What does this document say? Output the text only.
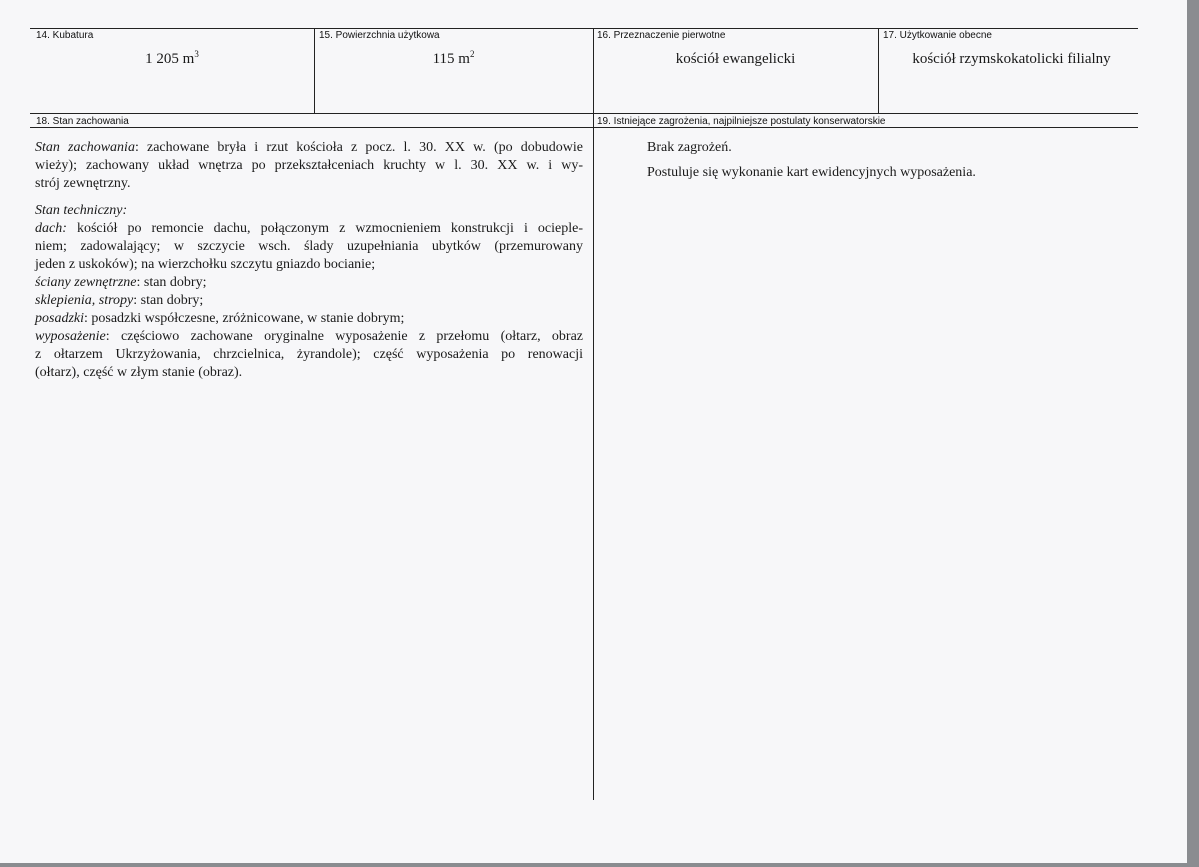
14. Kubatura	15. Powierzchnia użytkowa	16. Przeznaczenie pierwotne	17. Użytkowanie obecne
1 205 $m^3$	115 $m^2$	kościół ewangelicki	kościół rzymskokatolicki filialny
18. Stan zachowania	19. Istniejące zagrożenia, najpilniejsze postulaty konserwatorskie
Stan zachowania: zachowane bryła i rzut kościoła z pocz. l. 30. XX w. (po dobudowie
wieży); zachowany układ wnętrza po przekształceniach kruchty w l. 30. XX w. i wy-
strój zewnętrzny.
Stan techniczny:
dach: kościół po remoncie dachu, połączonym z wzmocnieniem konstrukcji i ocieple-
niem; zadowalający; w szczycie wsch. ślady uzupełniania ubytków (przemurowany
jeden z uskoków); na wierzchołku szczytu gniazdo bocianie;
ściany zewnętrzne: stan dobry;
sklepienia, stropy: stan dobry;
posadzki: posadzki współczesne, zróżnicowane, w stanie dobrym;
wyposażenie: częściowo zachowane oryginalne wyposażenie z przełomu (ołtarz, obraz
z ołtarzem Ukrzyżowania, chrzcielnica, żyrandole); część wyposażenia po renowacji
(ołtarz), część w złym stanie (obraz).
Brak zagrożeń.
Postuluje się wykonanie kart ewidencyjnych wyposażenia.
